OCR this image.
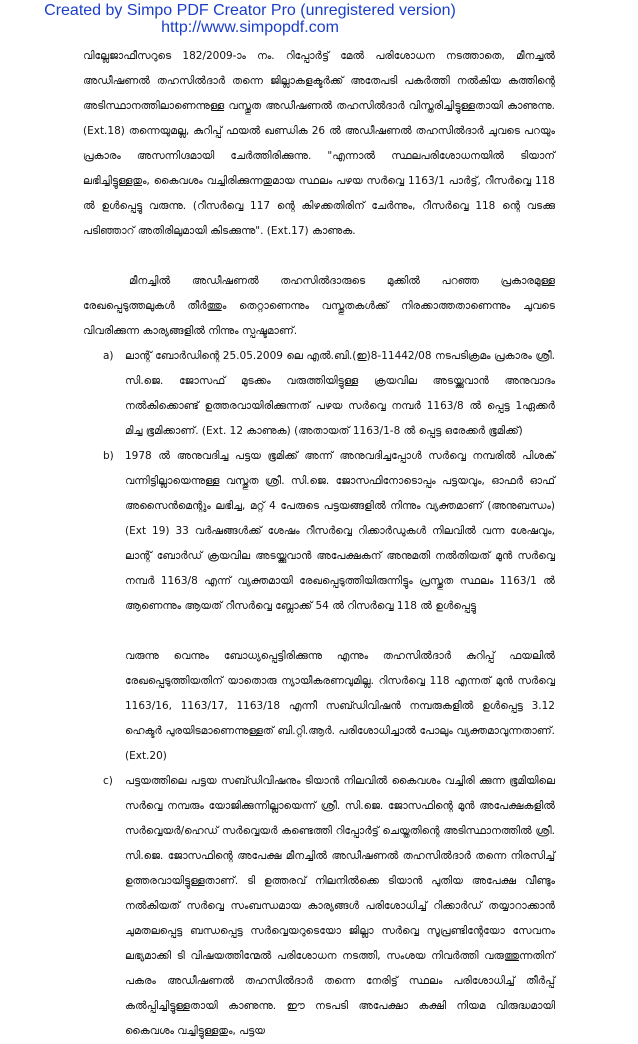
Created by Simpo PDF Creator Pro (unregistered version)
http://www.simpopdf.com

വില്ലേജാഫീസറുടെ 182/2009-ാം നം. റിപ്പോർട്ട് മേൽ പരിശോധന നടത്താതെ, മീനച്ചൽ അഡീഷണൽ തഹസിൽദാർ തന്നെ ജില്ലാകളക്ടർക്ക് അതേപടി പകർത്തി നൽകിയ കത്തിന്റെ അടിസ്ഥാനത്തിലാണെന്നുള്ള വസ്തുത അഡീഷണൽ തഹസിൽദാർ വിസ്തരിച്ചിട്ടുള്ളതായി കാണുന്നു. (Ext.18) തന്നെയുമല്ല, കുറിപ്പ് ഫയൽ ഖണ്ഡിക 26 ൽ അഡീഷണൽ തഹസിൽദാർ ചുവടെ പറയും പ്രകാരം അസന്നിഗ്ദമായി ചേർത്തിരിക്കുന്നു. "എന്നാൽ സ്ഥലപരിശോധനയിൽ ടിയാന് ലഭിച്ചിട്ടുള്ളതും, കൈവശം വച്ചിരിക്കുന്നതുമായ സ്ഥലം പഴയ സർവ്വെ 1163/1 പാർട്ട്, റീസർവ്വെ 118 ൽ ഉൾപ്പെട്ടു വരുന്നു. (റീസർവ്വെ 117 ന്റെ കിഴക്കതിരിന് ചേർന്നും, റീസർവ്വെ 118 ന്റെ വടക്കു പടിഞ്ഞാറ് അതിരിലുമായി കിടക്കുന്നു". (Ext.17) കാണുക.

മീനച്ചിൽ അഡീഷണൽ തഹസിൽദാരുടെ മുക്കിൽ പറഞ്ഞ പ്രകാരമുള്ള രേഖപ്പെടുത്തലുകൾ തീർത്തും തെറ്റാണെന്നും വസ്തുതകൾക്ക് നിരക്കാത്തതാണെന്നും ചുവടെ വിവരിക്കുന്ന കാര്യങ്ങളിൽ നിന്നും സ്പഷ്ടമാണ്.

a) ലാന്റ് ബോർഡിന്റെ 25.05.2009 ലെ എൽ.ബി.(ഇ)8-11442/08 നടപടിക്രമം പ്രകാരം ശ്രീ. സി.ജെ. ജോസഫ് മുടക്കം വരുത്തിയിട്ടുള്ള ക്രയവില അടയ്ക്കുവാൻ അനുവാദം നൽകിക്കൊണ്ട് ഉത്തരവായിരിക്കുന്നത് പഴയ സർവ്വെ നമ്പർ 1163/8 ൽ പ്പെട്ട 1ഏക്കർ മിച്ച ഭൂമിക്കാണ്. (Ext. 12 കാണുക) (അതായത് 1163/1-8 ൽ പ്പെട്ട ഒരേക്കർ ഭൂമിക്ക്)

b) 1978 ൽ അനുവദിച്ച പട്ടയ ഭൂമിക്ക് അന്ന് അനുവദിച്ചപ്പോൾ സർവ്വെ നമ്പരിൽ പിശക് വന്നിട്ടില്ലായെന്നുള്ള വസ്തുത ശ്രീ. സി.ജെ. ജോസഫിനോടൊപ്പം പട്ടയവും, ഓഫർ ഓഫ് അസൈൻമെന്റും ലഭിച്ച, മറ്റ് 4 പേരുടെ പട്ടയങ്ങളിൽ നിന്നും വ്യക്തമാണ് (അനുബന്ധം) (Ext 19) 33 വർഷങ്ങൾക്ക് ശേഷം റീസർവ്വെ റിക്കാർഡുകൾ നിലവിൽ വന്ന ശേഷവും, ലാന്റ് ബോർഡ് ക്രയവില അടയ്ക്കുവാൻ അപേക്ഷകന് അനുമതി നൽതിയത് മുൻ സർവ്വെ നമ്പർ 1163/8 എന്ന് വ്യക്തമായി രേഖപ്പെടുത്തിയിരുന്നിട്ടും പ്രസ്തുത സ്ഥലം 1163/1 ൽ ആണെന്നും ആയത് റീസർവ്വെ ബ്ലോക്ക് 54 ൽ റിസർവ്വെ 118 ൽ ഉൾപ്പെട്ടു

വരുന്നു വെന്നും ബോധ്യപ്പെട്ടിരിക്കുന്നു എന്നും തഹസിൽദാർ കുറിപ്പ് ഫയലിൽ രേഖപ്പെടുത്തിയതിന് യാതൊരു ന്യായീകരണവുമില്ല. റിസർവ്വെ 118 എന്നത് മുൻ സർവ്വെ 1163/16, 1163/17, 1163/18 എന്നീ സബ്ഡിവിഷൻ നമ്പരുകളിൽ ഉൾപ്പെട്ട 3.12 ഹെക്ടർ പുരയിടമാണെന്നുള്ളത് ബി.റ്റി.ആർ. പരിശോധിച്ചാൽ പോലും വ്യക്തമാവുന്നതാണ്. (Ext.20)

c) പട്ടയത്തിലെ പട്ടയ സബ്ഡിവിഷനും ടിയാൻ നിലവിൽ കൈവശം വച്ചിരി ക്കുന്ന ഭൂമിയിലെ സർവ്വെ നമ്പരും യോജിക്കുന്നില്ലായെന്ന് ശ്രീ. സി.ജെ. ജോസഫിന്റെ മുൻ അപേക്ഷകളിൽ സർവ്വെയർ/ഹെഡ് സർവ്വെയർ കണ്ടെത്തി റിപ്പോർട്ട് ചെയ്തതിന്റെ അടിസ്ഥാനത്തിൽ ശ്രീ. സി.ജെ. ജോസഫിന്റെ അപേക്ഷ മീനച്ചിൽ അഡീഷണൽ തഹസിൽദാർ തന്നെ നിരസിച്ച് ഉത്തരവായിട്ടുള്ളതാണ്. ടി ഉത്തരവ് നിലനിൽക്കെ ടിയാൻ പുതിയ അപേക്ഷ വീണ്ടും നൽകിയത് സർവ്വെ സംബന്ധമായ കാര്യങ്ങൾ പരിശോധിച്ച് റിക്കാർഡ് തയ്യാറാക്കാൻ ചുമതലപ്പെട്ട ബന്ധപ്പെട്ട സർവ്വെയറുടെയോ ജില്ലാ സർവ്വെ സൂപ്രണ്ടിന്റേയോ സേവനം ലഭ്യമാക്കി ടി വിഷയത്തിന്മേൽ പരിശോധന നടത്തി, സംശയ നിവർത്തി വരുത്തുന്നതിന് പകരം അഡീഷണൽ തഹസിൽദാർ തന്നെ നേരിട്ട് സ്ഥലം പരിശോധിച്ച് തീർപ്പ് കൽപ്പിച്ചിട്ടുള്ളതായി കാണുന്നു. ഈ നടപടി അപേക്ഷാ കക്ഷി നിയമ വിരുദ്ധമായി കൈവശം വച്ചിട്ടുള്ളതും, പട്ടയ
